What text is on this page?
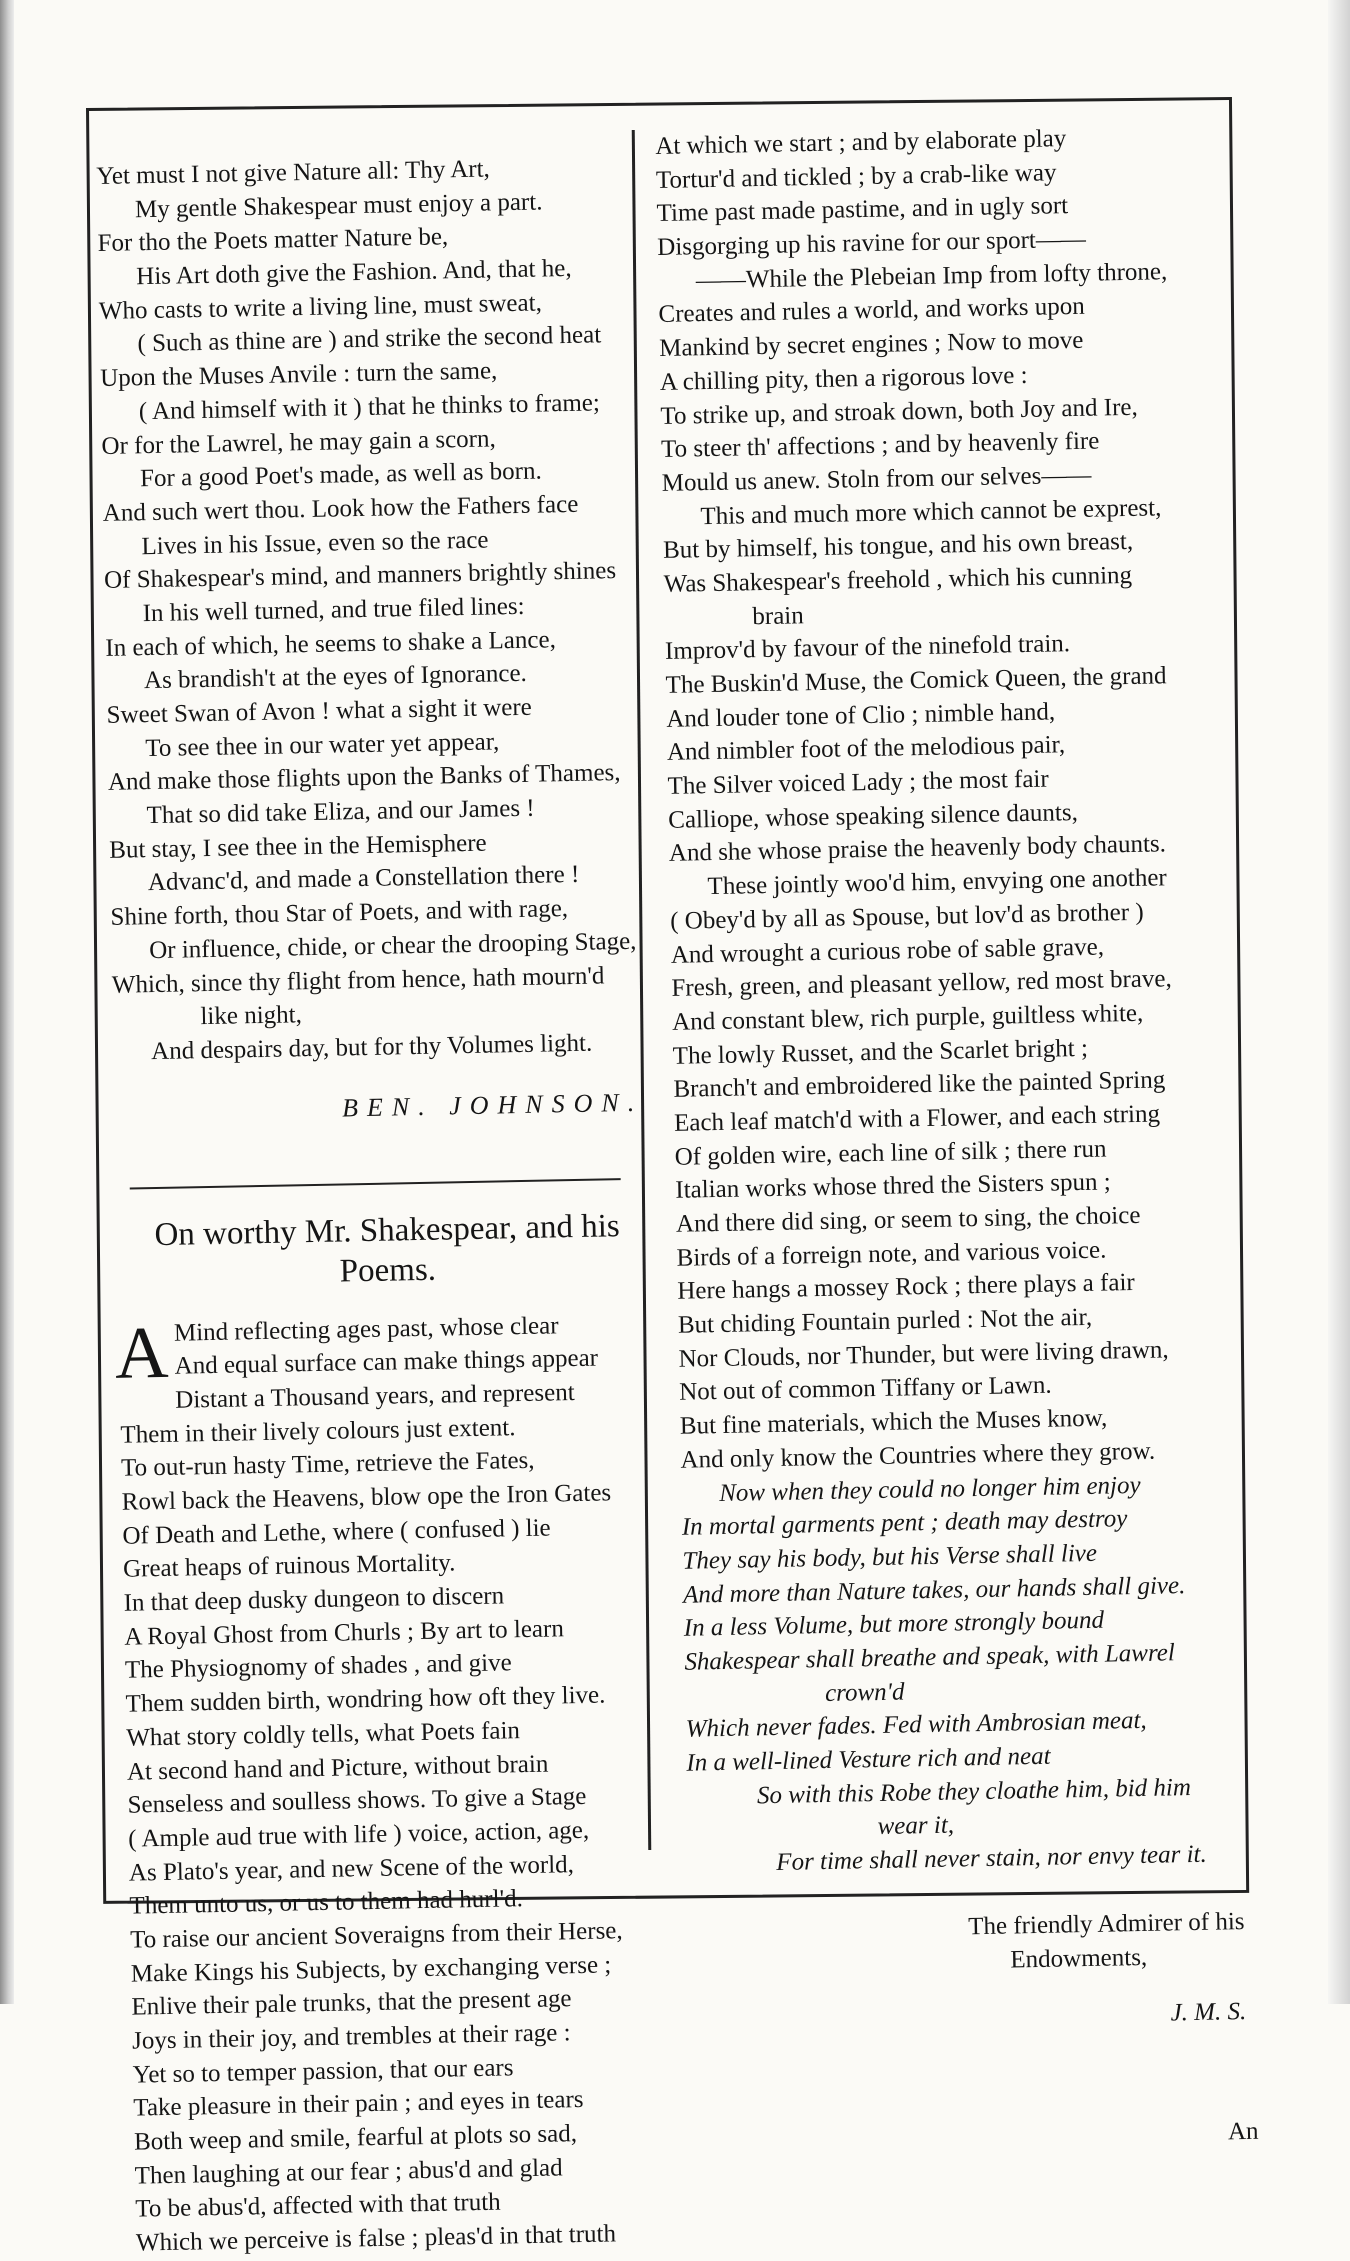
Yet must I not give Nature all: Thy Art,
My gentle Shakespear must enjoy a part.
For tho the Poets matter Nature be,
His Art doth give the Fashion. And, that he,
Who casts to write a living line, must sweat,
( Such as thine are ) and strike the second heat
Upon the Muses Anvile : turn the same,
( And himself with it ) that he thinks to frame;
Or for the Lawrel, he may gain a scorn,
For a good Poet's made, as well as born.
And such wert thou. Look how the Fathers face
Lives in his Issue, even so the race
Of Shakespear's mind, and manners brightly shines
In his well turned, and true filed lines:
In each of which, he seems to shake a Lance,
As brandish't at the eyes of Ignorance.
Sweet Swan of Avon ! what a sight it were
To see thee in our water yet appear,
And make those flights upon the Banks of Thames,
That so did take Eliza, and our James !
But stay, I see thee in the Hemisphere
Advanc'd, and made a Constellation there !
Shine forth, thou Star of Poets, and with rage,
Or influence, chide, or chear the drooping Stage,
Which, since thy flight from hence, hath mourn'd
like night,
And despairs day, but for thy Volumes light.
BEN. JOHNSON.
On worthy Mr. Shakespear, and his Poems.
A Mind reflecting ages past, whose clear
And equal surface can make things appear
Distant a Thousand years, and represent
Them in their lively colours just extent.
To out-run hasty Time, retrieve the Fates,
Rowl back the Heavens, blow ope the Iron Gates
Of Death and Lethe, where ( confused ) lie
Great heaps of ruinous Mortality.
In that deep dusky dungeon to discern
A Royal Ghost from Churls ; By art to learn
The Physiognomy of shades , and give
Them sudden birth, wondring how oft they live.
What story coldly tells, what Poets fain
At second hand and Picture, without brain
Senseless and soulless shows. To give a Stage
( Ample aud true with life ) voice, action, age,
As Plato's year, and new Scene of the world,
Them unto us, or us to them had hurl'd.
To raise our ancient Soveraigns from their Herse,
Make Kings his Subjects, by exchanging verse ;
Enlive their pale trunks, that the present age
Joys in their joy, and trembles at their rage :
Yet so to temper passion, that our ears
Take pleasure in their pain ; and eyes in tears
Both weep and smile, fearful at plots so sad,
Then laughing at our fear ; abus'd and glad
To be abus'd, affected with that truth
Which we perceive is false ; pleas'd in that truth
At which we start ; and by elaborate play
Tortur'd and tickled ; by a crab-like way
Time past made pastime, and in ugly sort
Disgorging up his ravine for our sport——
——While the Plebeian Imp from lofty throne,
Creates and rules a world, and works upon
Mankind by secret engines ; Now to move
A chilling pity, then a rigorous love :
To strike up, and stroak down, both Joy and Ire,
To steer th' affections ; and by heavenly fire
Mould us anew. Stoln from our selves——
This and much more which cannot be exprest,
But by himself, his tongue, and his own breast,
Was Shakespear's freehold , which his cunning
brain
Improv'd by favour of the ninefold train.
The Buskin'd Muse, the Comick Queen, the grand
And louder tone of Clio ; nimble hand,
And nimbler foot of the melodious pair,
The Silver voiced Lady ; the most fair
Calliope, whose speaking silence daunts,
And she whose praise the heavenly body chaunts.
These jointly woo'd him, envying one another
( Obey'd by all as Spouse, but lov'd as brother )
And wrought a curious robe of sable grave,
Fresh, green, and pleasant yellow, red most brave,
And constant blew, rich purple, guiltless white,
The lowly Russet, and the Scarlet bright ;
Branch't and embroidered like the painted Spring
Each leaf match'd with a Flower, and each string
Of golden wire, each line of silk ; there run
Italian works whose thred the Sisters spun ;
And there did sing, or seem to sing, the choice
Birds of a forreign note, and various voice.
Here hangs a mossey Rock ; there plays a fair
But chiding Fountain purled : Not the air,
Nor Clouds, nor Thunder, but were living drawn,
Not out of common Tiffany or Lawn.
But fine materials, which the Muses know,
And only know the Countries where they grow.
Now when they could no longer him enjoy
In mortal garments pent ; death may destroy
They say his body, but his Verse shall live
And more than Nature takes, our hands shall give.
In a less Volume, but more strongly bound
Shakespear shall breathe and speak, with Lawrel
crown'd
Which never fades. Fed with Ambrosian meat,
In a well-lined Vesture rich and neat
So with this Robe they cloathe him, bid him
wear it,
For time shall never stain, nor envy tear it.
The friendly Admirer of his
Endowments,
J. M. S.
An
